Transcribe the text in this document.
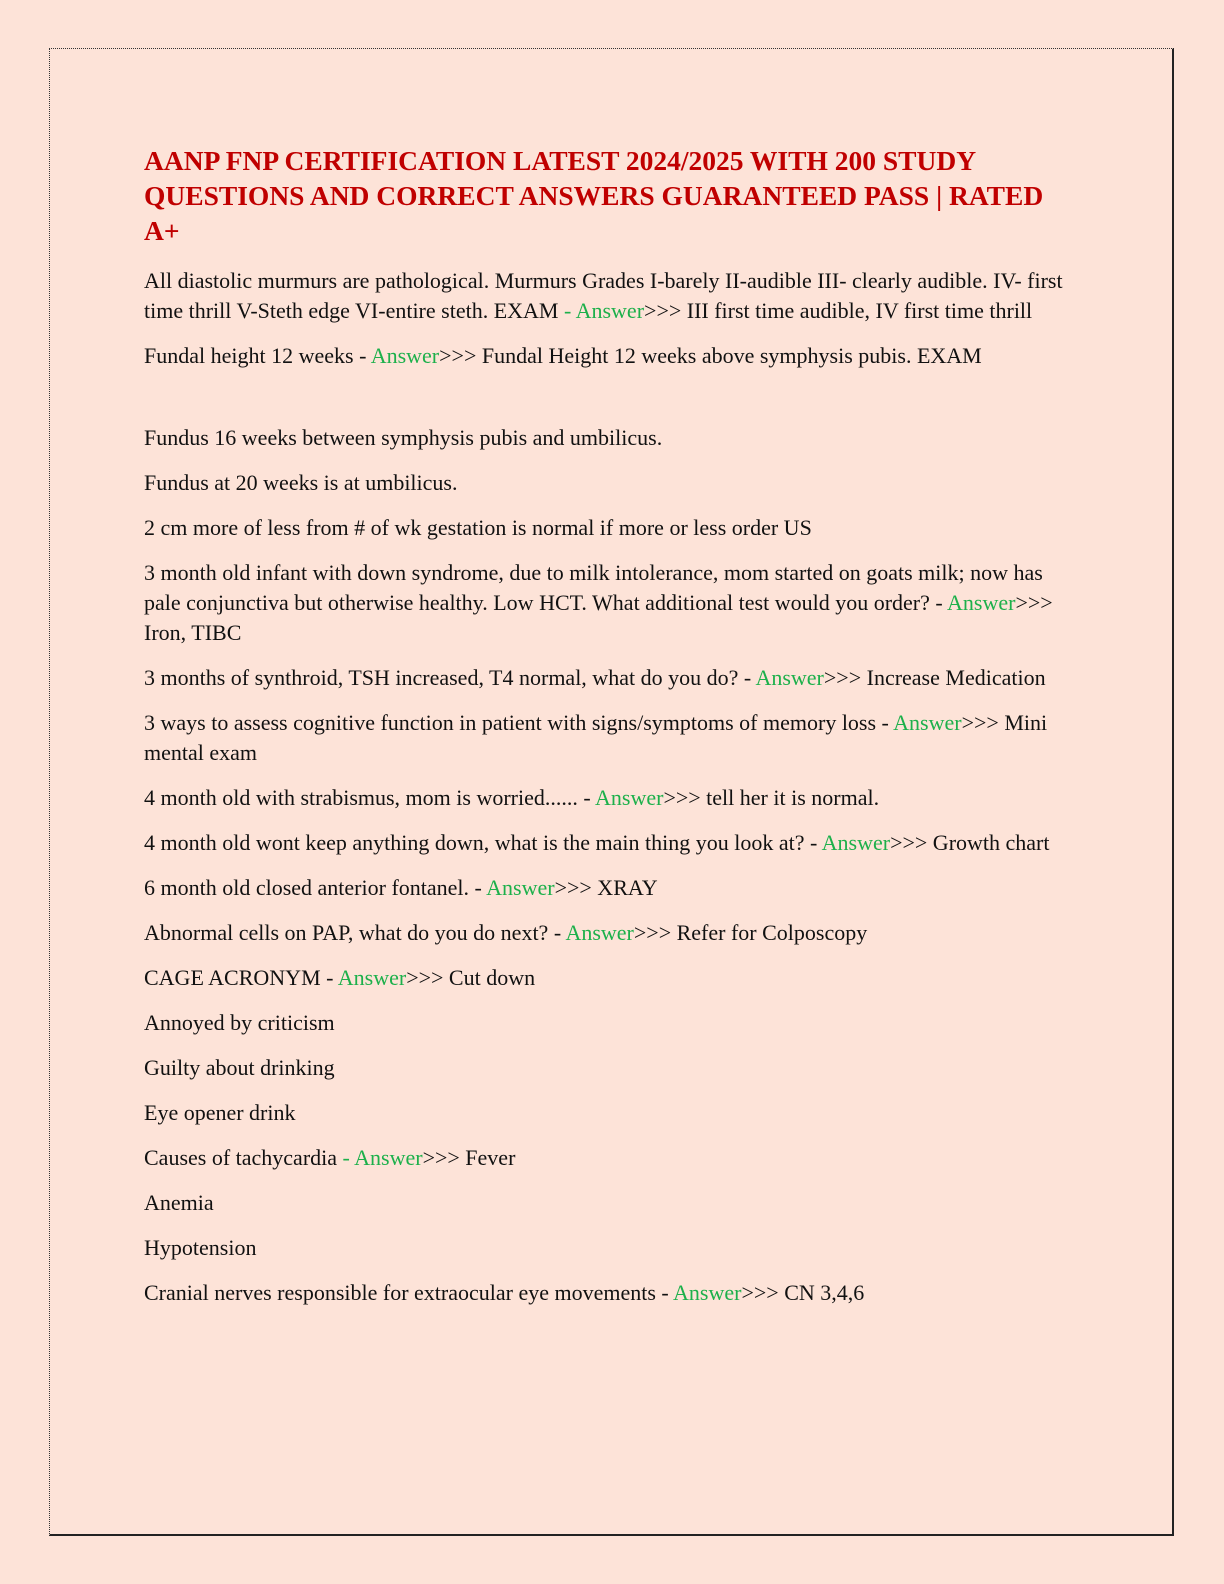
AANP FNP CERTIFICATION LATEST 2024/2025 WITH 200 STUDY QUESTIONS AND CORRECT ANSWERS GUARANTEED PASS | RATED A+

All diastolic murmurs are pathological. Murmurs Grades I-barely II-audible III- clearly audible. IV- first time thrill V-Steth edge VI-entire steth. EXAM - Answer>>> III first time audible, IV first time thrill

Fundal height 12 weeks - Answer>>> Fundal Height 12 weeks above symphysis pubis. EXAM

Fundus 16 weeks between symphysis pubis and umbilicus.

Fundus at 20 weeks is at umbilicus.

2 cm more of less from # of wk gestation is normal if more or less order US

3 month old infant with down syndrome, due to milk intolerance, mom started on goats milk; now has pale conjunctiva but otherwise healthy. Low HCT. What additional test would you order? - Answer>>> Iron, TIBC

3 months of synthroid, TSH increased, T4 normal, what do you do? - Answer>>> Increase Medication

3 ways to assess cognitive function in patient with signs/symptoms of memory loss - Answer>>> Mini mental exam

4 month old with strabismus, mom is worried...... - Answer>>> tell her it is normal.

4 month old wont keep anything down, what is the main thing you look at? - Answer>>> Growth chart

6 month old closed anterior fontanel. - Answer>>> XRAY

Abnormal cells on PAP, what do you do next? - Answer>>> Refer for Colposcopy

CAGE ACRONYM - Answer>>> Cut down

Annoyed by criticism

Guilty about drinking

Eye opener drink

Causes of tachycardia - Answer>>> Fever

Anemia

Hypotension

Cranial nerves responsible for extraocular eye movements - Answer>>> CN 3,4,6
